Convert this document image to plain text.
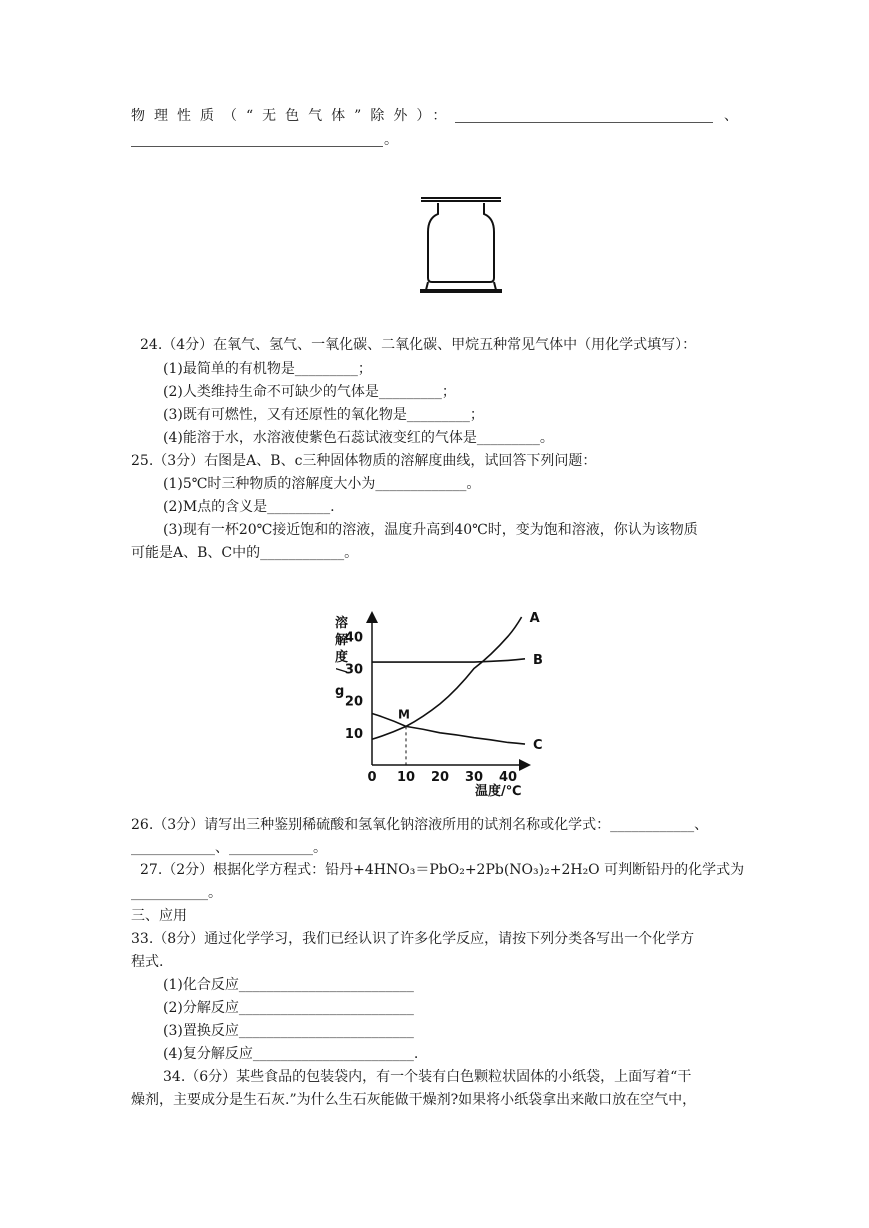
物理性质（“无色气体”除外）：	、
。
24.（4分）在氧气、氢气、一氧化碳、二氧化碳、甲烷五种常见气体中（用化学式填写）：
(1)最简单的有机物是_________；
(2)人类维持生命不可缺少的气体是_________；
(3)既有可燃性，又有还原性的氧化物是_________；
(4)能溶于水，水溶液使紫色石蕊试液变红的气体是_________。
25.（3分）右图是A、B、c三种固体物质的溶解度曲线，试回答下列问题：
(1)5℃时三种物质的溶解度大小为_____________。
(2)M点的含义是_________.
(3)现有一杯20℃接近饱和的溶液，温度升高到40℃时，变为饱和溶液，你认为该物质
可能是A、B、C中的____________。
溶
解
度
/
g
10
20
30
40
0 10 20 30 40
A
B
C
M
温度/℃
26.（3分）请写出三种鉴别稀硫酸和氢氧化钠溶液所用的试剂名称或化学式：____________、
____________、____________。
27.（2分）根据化学方程式：铅丹+4HNO₃＝PbO₂+2Pb(NO₃)₂+2H₂O 可判断铅丹的化学式为
___________。
三、应用
33.（8分）通过化学学习，我们已经认识了许多化学反应，请按下列分类各写出一个化学方
程式.
(1)化合反应_________________________
(2)分解反应_________________________
(3)置换反应_________________________
(4)复分解反应_______________________.
34.（6分）某些食品的包装袋内，有一个装有白色颗粒状固体的小纸袋，上面写着“干
燥剂，主要成分是生石灰.”为什么生石灰能做干燥剂?如果将小纸袋拿出来敞口放在空气中，
